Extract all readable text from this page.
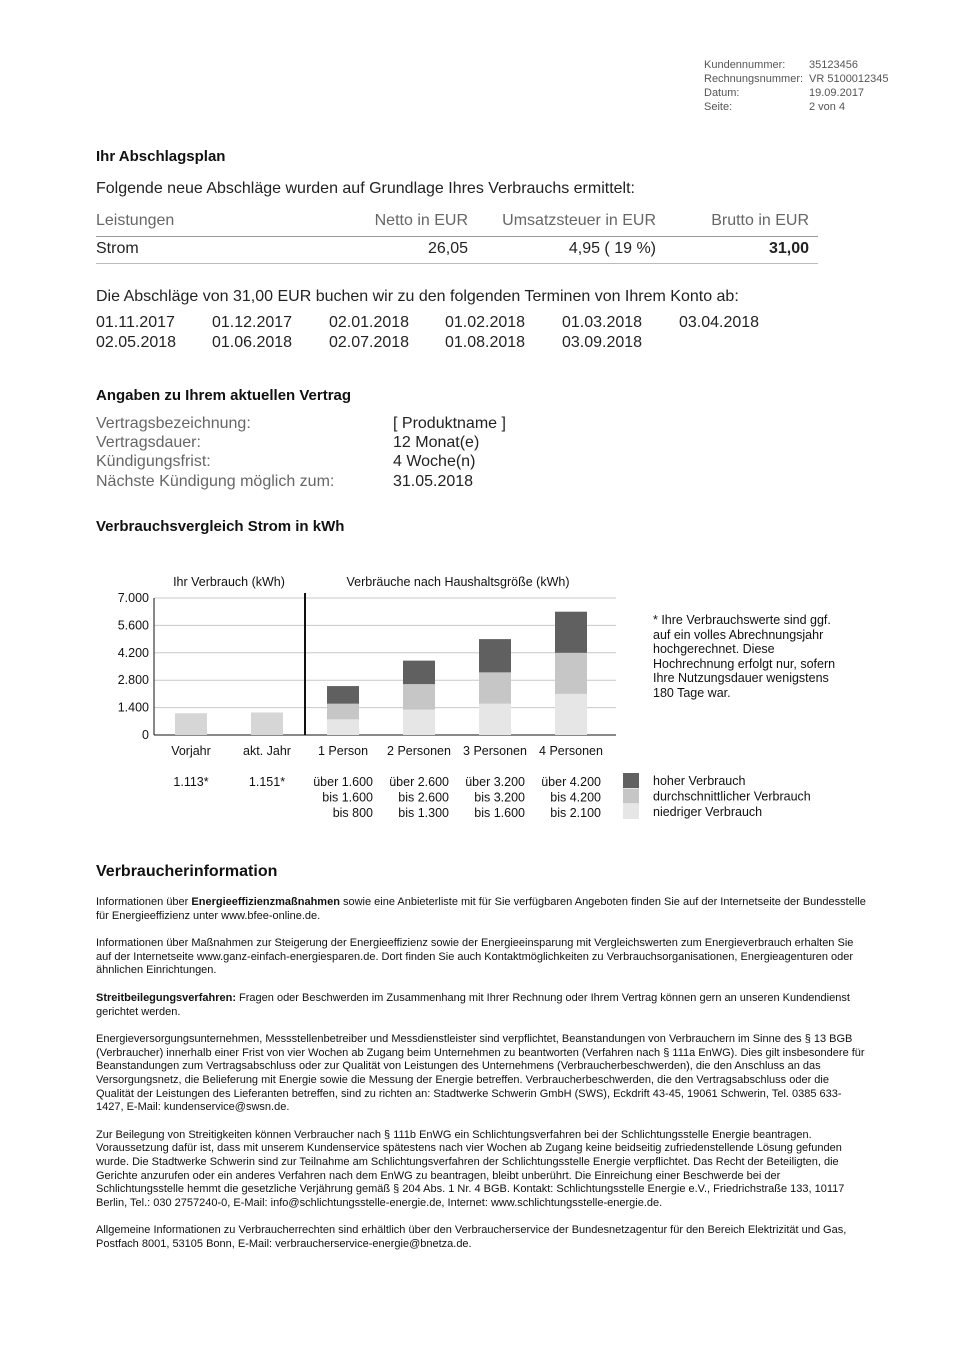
Kundennummer: 35123456
Rechnungsnummer: VR 5100012345
Datum:	19.09.2017
Seite:	2 von 4
Ihr Abschlagsplan
Folgende neue Abschläge wurden auf Grundlage Ihres Verbrauchs ermittelt:
Leistungen	Netto in EUR Umsatzsteuer in EUR	Brutto in EUR
Strom	26,05	4,95 ( 19 %)	31,00
Die Abschläge von 31,00 EUR buchen wir zu den folgenden Terminen von Ihrem Konto ab:
01.11.2017 01.12.2017 02.01.2018 01.02.2018 01.03.2018 03.04.2018
02.05.2018 01.06.2018 02.07.2018 01.08.2018 03.09.2018
Angaben zu Ihrem aktuellen Vertrag
Vertragsbezeichnung:	[ Produktname ]
Vertragsdauer:	12 Monat(e)
Kündigungsfrist:	4 Woche(n)
Nächste Kündigung möglich zum:	31.05.2018
Verbrauchsvergleich Strom in kWh
0
1.400
2.800
4.200
5.600
7.000
Ihr Verbrauch (kWh)	Verbräuche nach Haushaltsgröße (kWh)
Vorjahr	akt. Jahr 1 Person 2 Personen 3 Personen 4 Personen
1.113*	1.151* über 1.600
bis 1.600
bis 800
über 2.600
bis 2.600
bis 1.300
über 3.200
bis 3.200
bis 1.600
über 4.200
bis 4.200
bis 2.100
hoher Verbrauch
durchschnittlicher Verbrauch
niedriger Verbrauch
* Ihre Verbrauchswerte sind ggf.
auf ein volles Abrechnungsjahr
hochgerechnet. Diese
Hochrechnung erfolgt nur, sofern
Ihre Nutzungsdauer wenigstens
180 Tage war.
Verbraucherinformation

Informationen über Energieeffizienzmaßnahmen sowie eine Anbieterliste mit für Sie verfügbaren Angeboten finden Sie auf der Internetseite der Bundesstelle für Energieeffizienz unter www.bfee-online.de.

Informationen über Maßnahmen zur Steigerung der Energieeffizienz sowie der Energieeinsparung mit Vergleichswerten zum Energieverbrauch erhalten Sie auf der Internetseite www.ganz-einfach-energiesparen.de. Dort finden Sie auch Kontaktmöglichkeiten zu Verbrauchsorganisationen, Energieagenturen oder ähnlichen Einrichtungen.

Streitbeilegungsverfahren: Fragen oder Beschwerden im Zusammenhang mit Ihrer Rechnung oder Ihrem Vertrag können gern an unseren Kundendienst gerichtet werden.

Energieversorgungsunternehmen, Messstellenbetreiber und Messdienstleister sind verpflichtet, Beanstandungen von Verbrauchern im Sinne des § 13 BGB (Verbraucher) innerhalb einer Frist von vier Wochen ab Zugang beim Unternehmen zu beantworten (Verfahren nach § 111a EnWG). Dies gilt insbesondere für Beanstandungen zum Vertragsabschluss oder zur Qualität von Leistungen des Unternehmens (Verbraucherbeschwerden), die den Anschluss an das Versorgungsnetz, die Belieferung mit Energie sowie die Messung der Energie betreffen. Verbraucherbeschwerden, die den Vertragsabschluss oder die Qualität der Leistungen des Lieferanten betreffen, sind zu richten an: Stadtwerke Schwerin GmbH (SWS), Eckdrift 43-45, 19061 Schwerin, Tel. 0385 633-1427, E-Mail: kundenservice@swsn.de.

Zur Beilegung von Streitigkeiten können Verbraucher nach § 111b EnWG ein Schlichtungsverfahren bei der Schlichtungsstelle Energie beantragen. Voraussetzung dafür ist, dass mit unserem Kundenservice spätestens nach vier Wochen ab Zugang keine beidseitig zufriedenstellende Lösung gefunden wurde. Die Stadtwerke Schwerin sind zur Teilnahme am Schlichtungsverfahren der Schlichtungsstelle Energie verpflichtet. Das Recht der Beteiligten, die Gerichte anzurufen oder ein anderes Verfahren nach dem EnWG zu beantragen, bleibt unberührt. Die Einreichung einer Beschwerde bei der Schlichtungsstelle hemmt die gesetzliche Verjährung gemäß § 204 Abs. 1 Nr. 4 BGB. Kontakt: Schlichtungsstelle Energie e.V., Friedrichstraße 133, 10117 Berlin, Tel.: 030 2757240-0, E-Mail: info@schlichtungsstelle-energie.de, Internet: www.schlichtungsstelle-energie.de.

Allgemeine Informationen zu Verbraucherrechten sind erhältlich über den Verbraucherservice der Bundesnetzagentur für den Bereich Elektrizität und Gas, Postfach 8001, 53105 Bonn, E-Mail: verbraucherservice-energie@bnetza.de.
